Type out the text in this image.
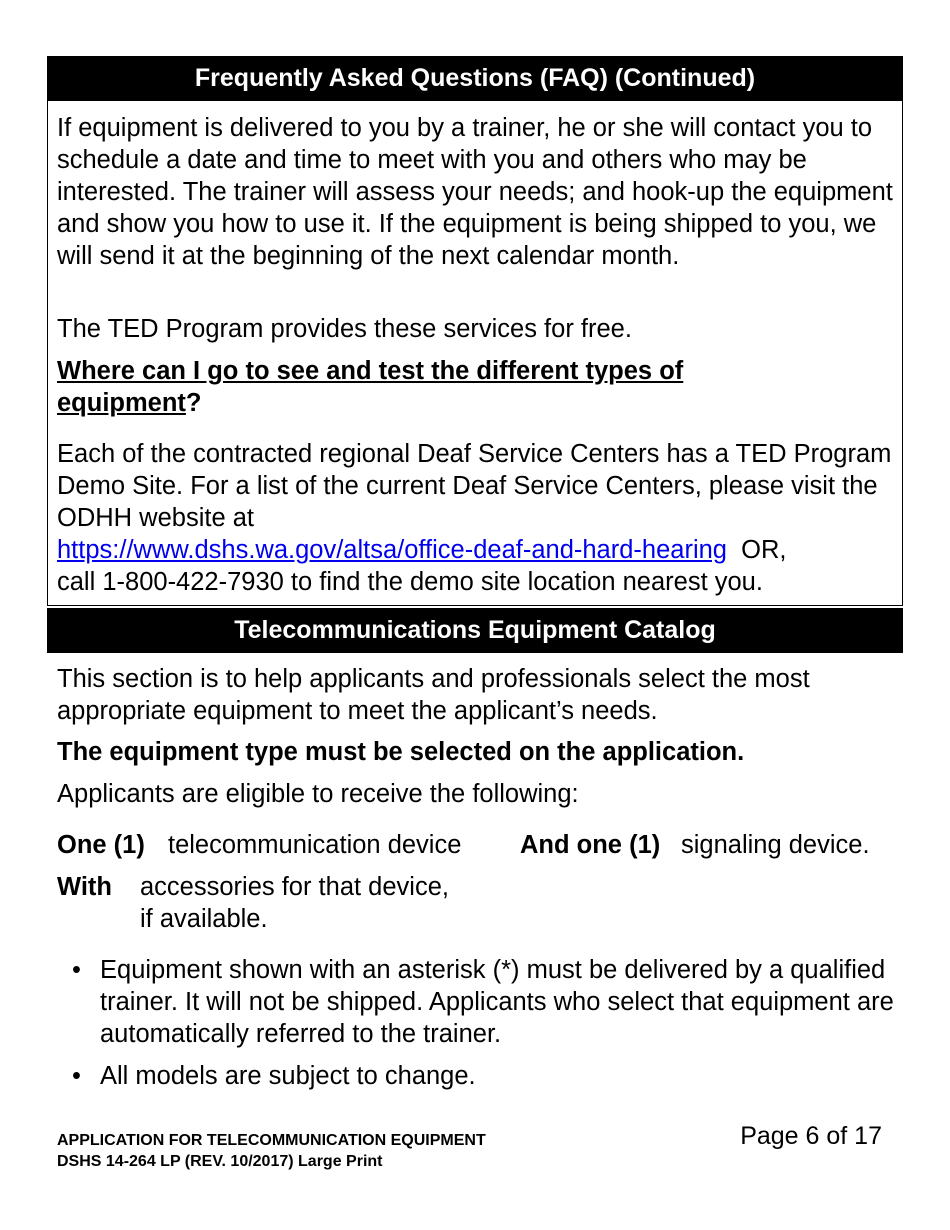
Frequently Asked Questions (FAQ) (Continued)

If equipment is delivered to you by a trainer, he or she will contact you to schedule a date and time to meet with you and others who may be interested. The trainer will assess your needs; and hook-up the equipment and show you how to use it. If the equipment is being shipped to you, we will send it at the beginning of the next calendar month.

The TED Program provides these services for free.

Where can I go to see and test the different types of equipment?

Each of the contracted regional Deaf Service Centers has a TED Program Demo Site. For a list of the current Deaf Service Centers, please visit the ODHH website at
https://www.dshs.wa.gov/altsa/office-deaf-and-hard-hearing  OR,
call 1-800-422-7930 to find the demo site location nearest you.

Telecommunications Equipment Catalog

This section is to help applicants and professionals select the most appropriate equipment to meet the applicant’s needs.

The equipment type must be selected on the application.

Applicants are eligible to receive the following:

One (1) telecommunication device And one (1) signaling device.
With accessories for that device,
if available.
• Equipment shown with an asterisk (*) must be delivered by a qualified trainer. It will not be shipped. Applicants who select that equipment are automatically referred to the trainer.
• All models are subject to change.
APPLICATION FOR TELECOMMUNICATION EQUIPMENT
DSHS 14-264 LP (REV. 10/2017) Large Print
Page 6 of 17
